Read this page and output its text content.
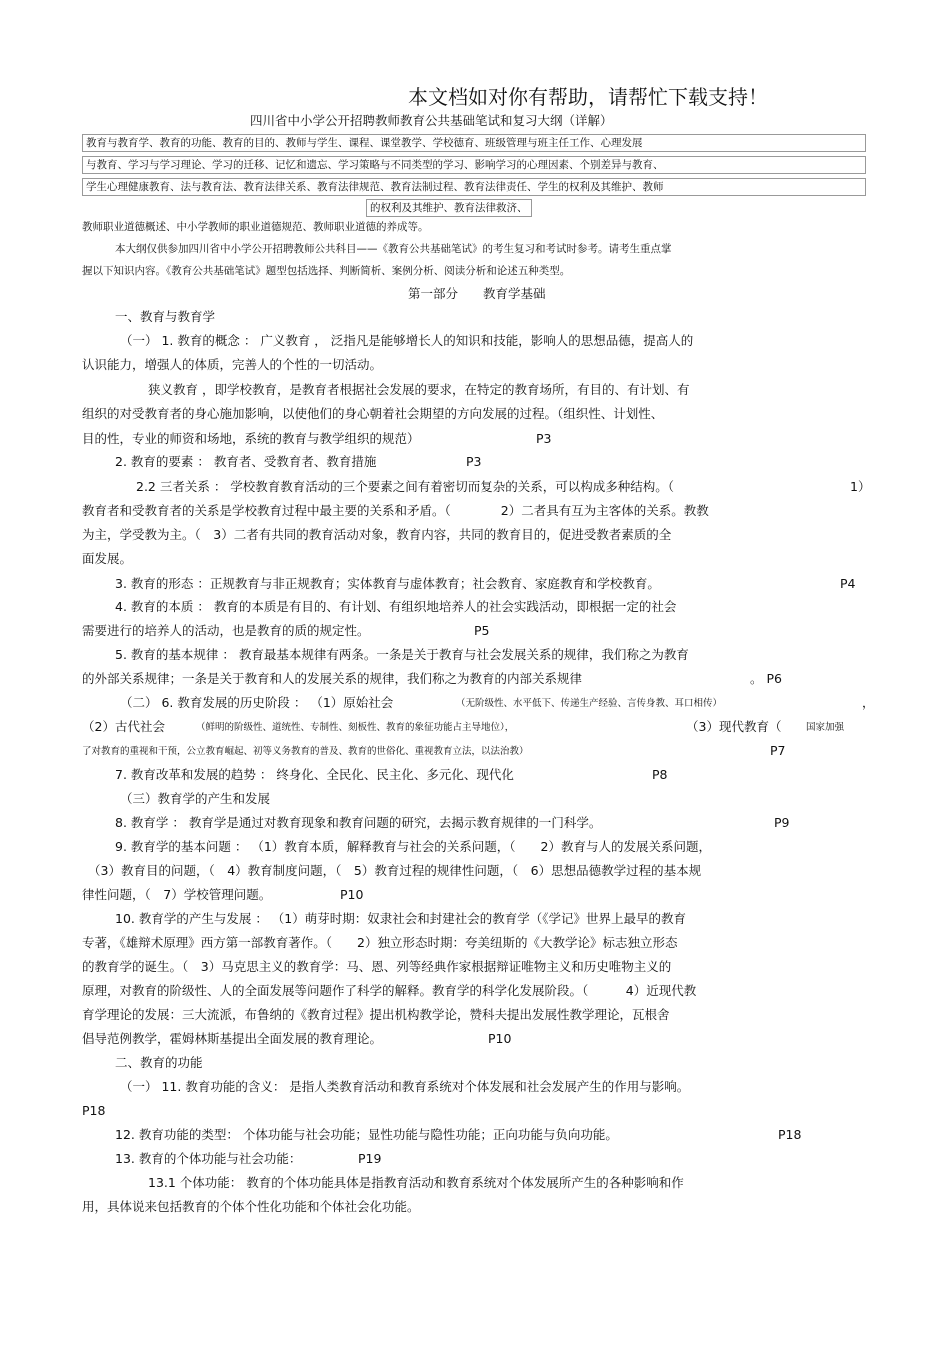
本文档如对你有帮助，请帮忙下载支持！
四川省中小学公开招聘教师教育公共基础笔试和复习大纲（详解）
教育与教育学、教育的功能、教育的目的、教师与学生、课程、课堂教学、学校德育、班级管理与班主任工作、心理发展
与教育、学习与学习理论、学习的迁移、记忆和遗忘、学习策略与不同类型的学习、影响学习的心理因素、个别差异与教育、
学生心理健康教育、法与教育法、教育法律关系、教育法律规范、教育法制过程、教育法律责任、学生的权利及其维护、教师
的权利及其维护、教育法律救济、
教师职业道德概述、中小学教师的职业道德规范、教师职业道德的养成等。
本大纲仅供参加四川省中小学公开招聘教师公共科目——《教育公共基础笔试》的考生复习和考试时参考。请考生重点掌
握以下知识内容。《教育公共基础笔试》题型包括选择、判断简析、案例分析、阅读分析和论述五种类型。
第一部分　　教育学基础
一、教育与教育学
（一） 1. 教育的概念 ： 广义教育 ， 泛指凡是能够增长人的知识和技能，影响人的思想品德，提高人的
认识能力，增强人的体质，完善人的个性的一切活动。
狭义教育 ，即学校教育，是教育者根据社会发展的要求，在特定的教育场所，有目的、有计划、有
组织的对受教育者的身心施加影响，以使他们的身心朝着社会期望的方向发展的过程。（组织性、计划性、
目的性，专业的师资和场地，系统的教育与教学组织的规范）	P3
2. 教育的要素 ： 教育者、受教育者、教育措施	P3
2.2 三者关系 ： 学校教育教育活动的三个要素之间有着密切而复杂的关系，可以构成多种结构。（	1）
教育者和受教育者的关系是学校教育过程中最主要的关系和矛盾。（　　　　2）二者具有互为主客体的关系。教教
为主，学受教为主。（　3）二者有共同的教育活动对象，教育内容，共同的教育目的，促进受教者素质的全
面发展。
3. 教育的形态 ：正规教育与非正规教育；实体教育与虚体教育；社会教育、家庭教育和学校教育。	P4
4. 教育的本质 ： 教育的本质是有目的、有计划、有组织地培养人的社会实践活动，即根据一定的社会
需要进行的培养人的活动，也是教育的质的规定性。	P5
5. 教育的基本规律 ： 教育最基本规律有两条。一条是关于教育与社会发展关系的规律，我们称之为教育
的外部关系规律；一条是关于教育和人的发展关系的规律，我们称之为教育的内部关系规律	。 P6
（二） 6. 教育发展的历史阶段 ： （1）原始社会	（无阶级性、水平低下、传递生产经验、言传身教、耳口相传）	，
（2）古代社会	（鲜明的阶级性、道统性、专制性、刻板性、教育的象征功能占主导地位），	（3）现代教育（	国家加强
了对教育的重视和干预，公立教育崛起、初等义务教育的普及、教育的世俗化、重视教育立法，以法治教）	P7
7. 教育改革和发展的趋势 ： 终身化、全民化、民主化、多元化、现代化	P8
（三）教育学的产生和发展
8. 教育学 ： 教育学是通过对教育现象和教育问题的研究，去揭示教育规律的一门科学。	P9
9. 教育学的基本问题 ： （1）教育本质，解释教育与社会的关系问题，（　　2）教育与人的发展关系问题，
（3）教育目的问题，（　4）教育制度问题，（　5）教育过程的规律性问题，（　6）思想品德教学过程的基本规
律性问题，（　7）学校管理问题。	P10
10. 教育学的产生与发展 ： （1）萌芽时期：奴隶社会和封建社会的教育学（《学记》世界上最早的教育
专著，《雄辩术原理》西方第一部教育著作。（　　2）独立形态时期：夸美纽斯的《大教学论》标志独立形态
的教育学的诞生。（　3）马克思主义的教育学：马、恩、列等经典作家根据辩证唯物主义和历史唯物主义的
原理，对教育的阶级性、人的全面发展等问题作了科学的解释。教育学的科学化发展阶段。（　　　4）近现代教
育学理论的发展：三大流派，布鲁纳的《教育过程》提出机构教学论，赞科夫提出发展性教学理论，瓦根舍
倡导范例教学，霍姆林斯基提出全面发展的教育理论。	P10
二、教育的功能
（一） 11. 教育功能的含义： 是指人类教育活动和教育系统对个体发展和社会发展产生的作用与影响。
P18
12. 教育功能的类型： 个体功能与社会功能；显性功能与隐性功能；正向功能与负向功能。	P18
13. 教育的个体功能与社会功能：	P19
13.1 个体功能： 教育的个体功能具体是指教育活动和教育系统对个体发展所产生的各种影响和作
用，具体说来包括教育的个体个性化功能和个体社会化功能。
